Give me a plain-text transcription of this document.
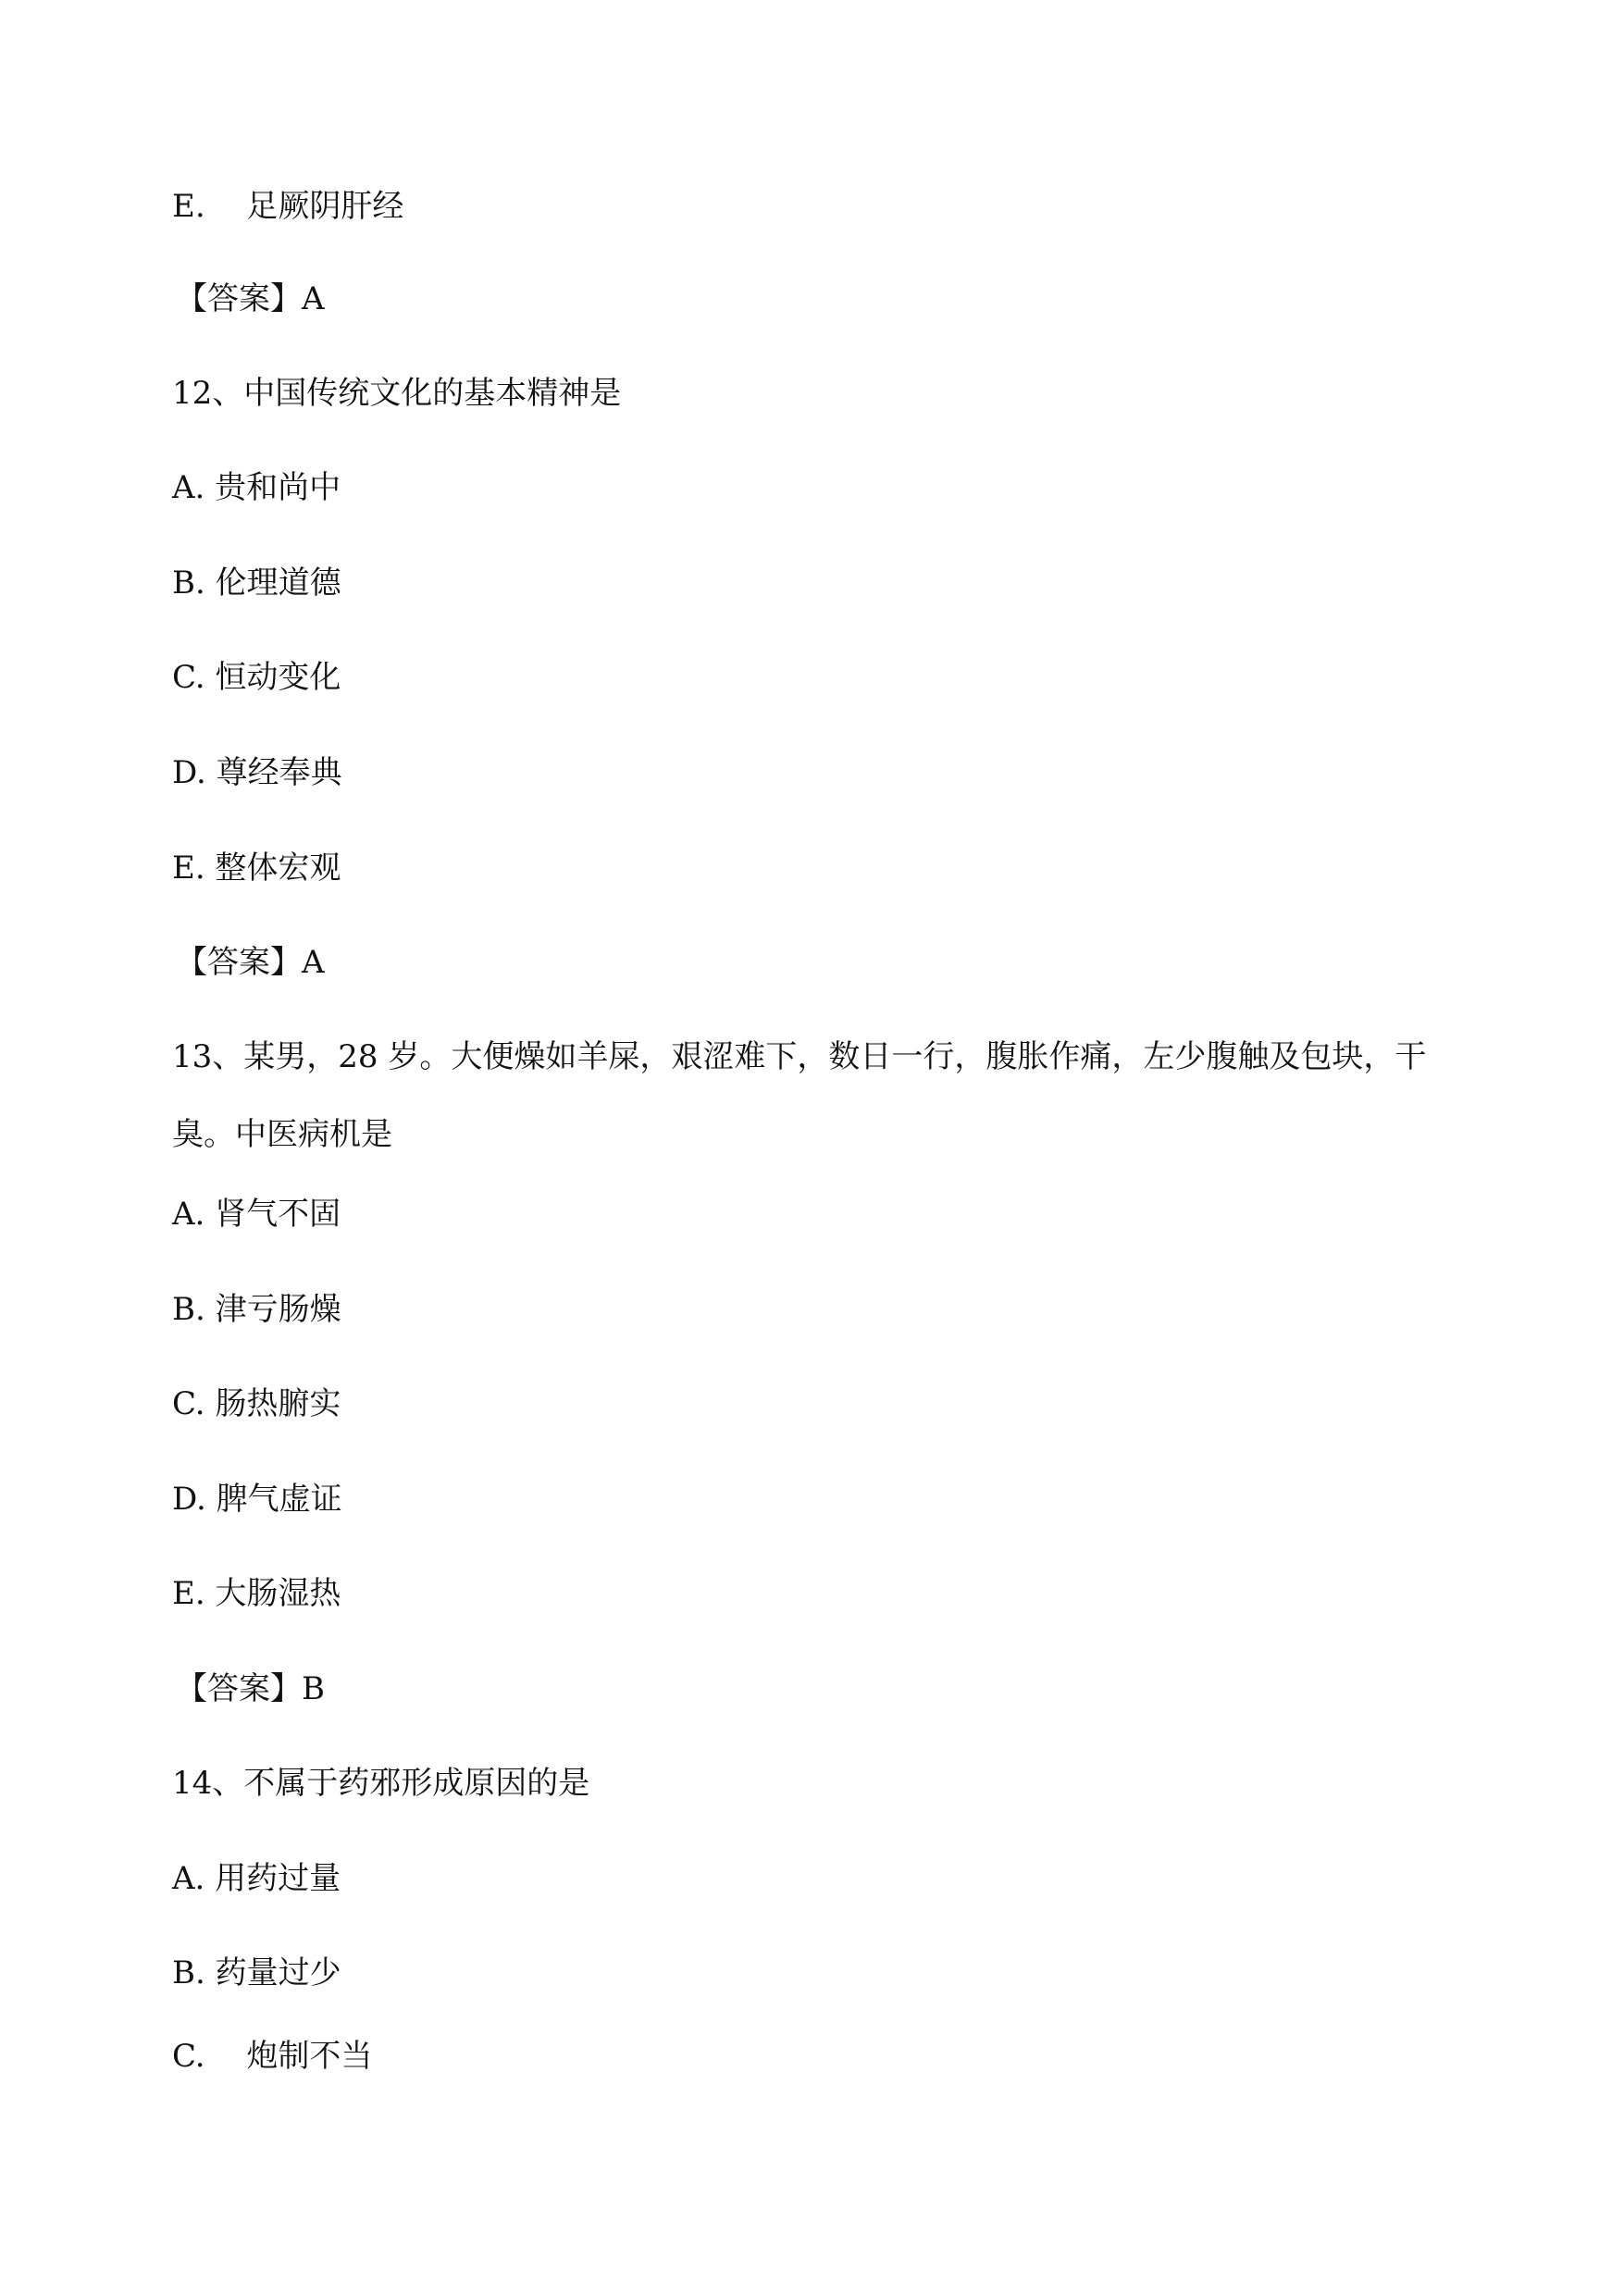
E.　 足厥阴肝经
【答案】A
12、中国传统文化的基本精神是
A. 贵和尚中
B. 伦理道德
C. 恒动变化
D. 尊经奉典
E. 整体宏观
【答案】A
13、某男，28 岁。大便燥如羊屎，艰涩难下，数日一行，腹胀作痛，左少腹触及包块，干臭。中医病机是
A. 肾气不固
B. 津亏肠燥
C. 肠热腑实
D. 脾气虚证
E. 大肠湿热
【答案】B
14、不属于药邪形成原因的是
A. 用药过量
B. 药量过少
C.　 炮制不当
